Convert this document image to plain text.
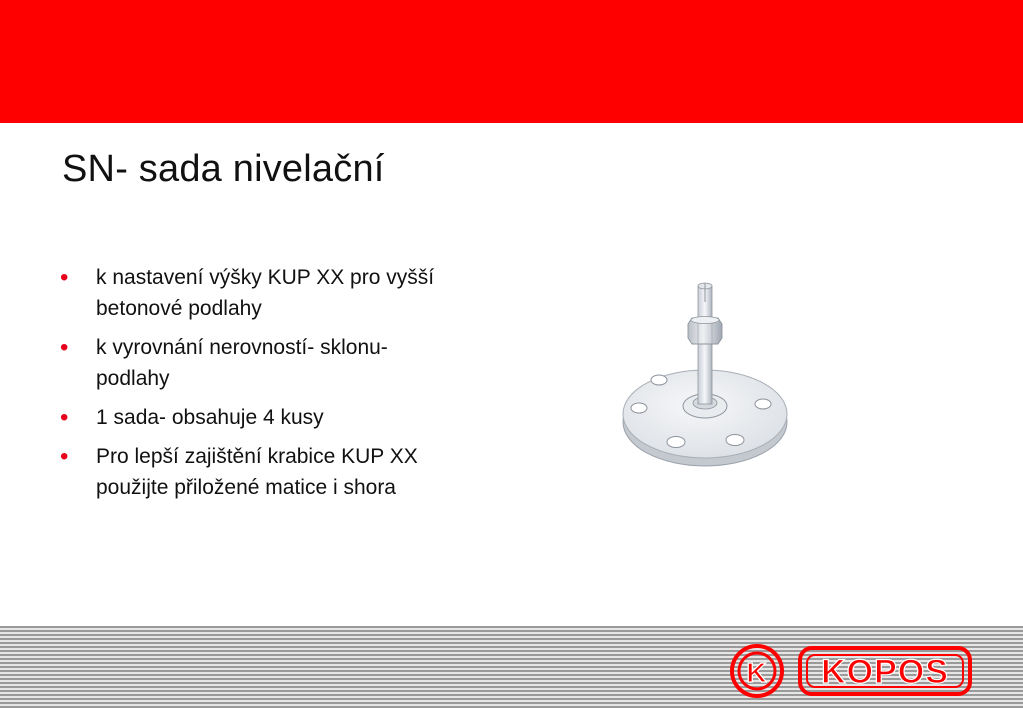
SN- sada nivelační
• k nastavení výšky KUP XX pro vyšší betonové podlahy
• k vyrovnání nerovností- sklonu-podlahy
• 1 sada- obsahuje 4 kusy
• Pro lepší zajištění krabice KUP XX použijte přiložené matice i shora
K KOPOS
